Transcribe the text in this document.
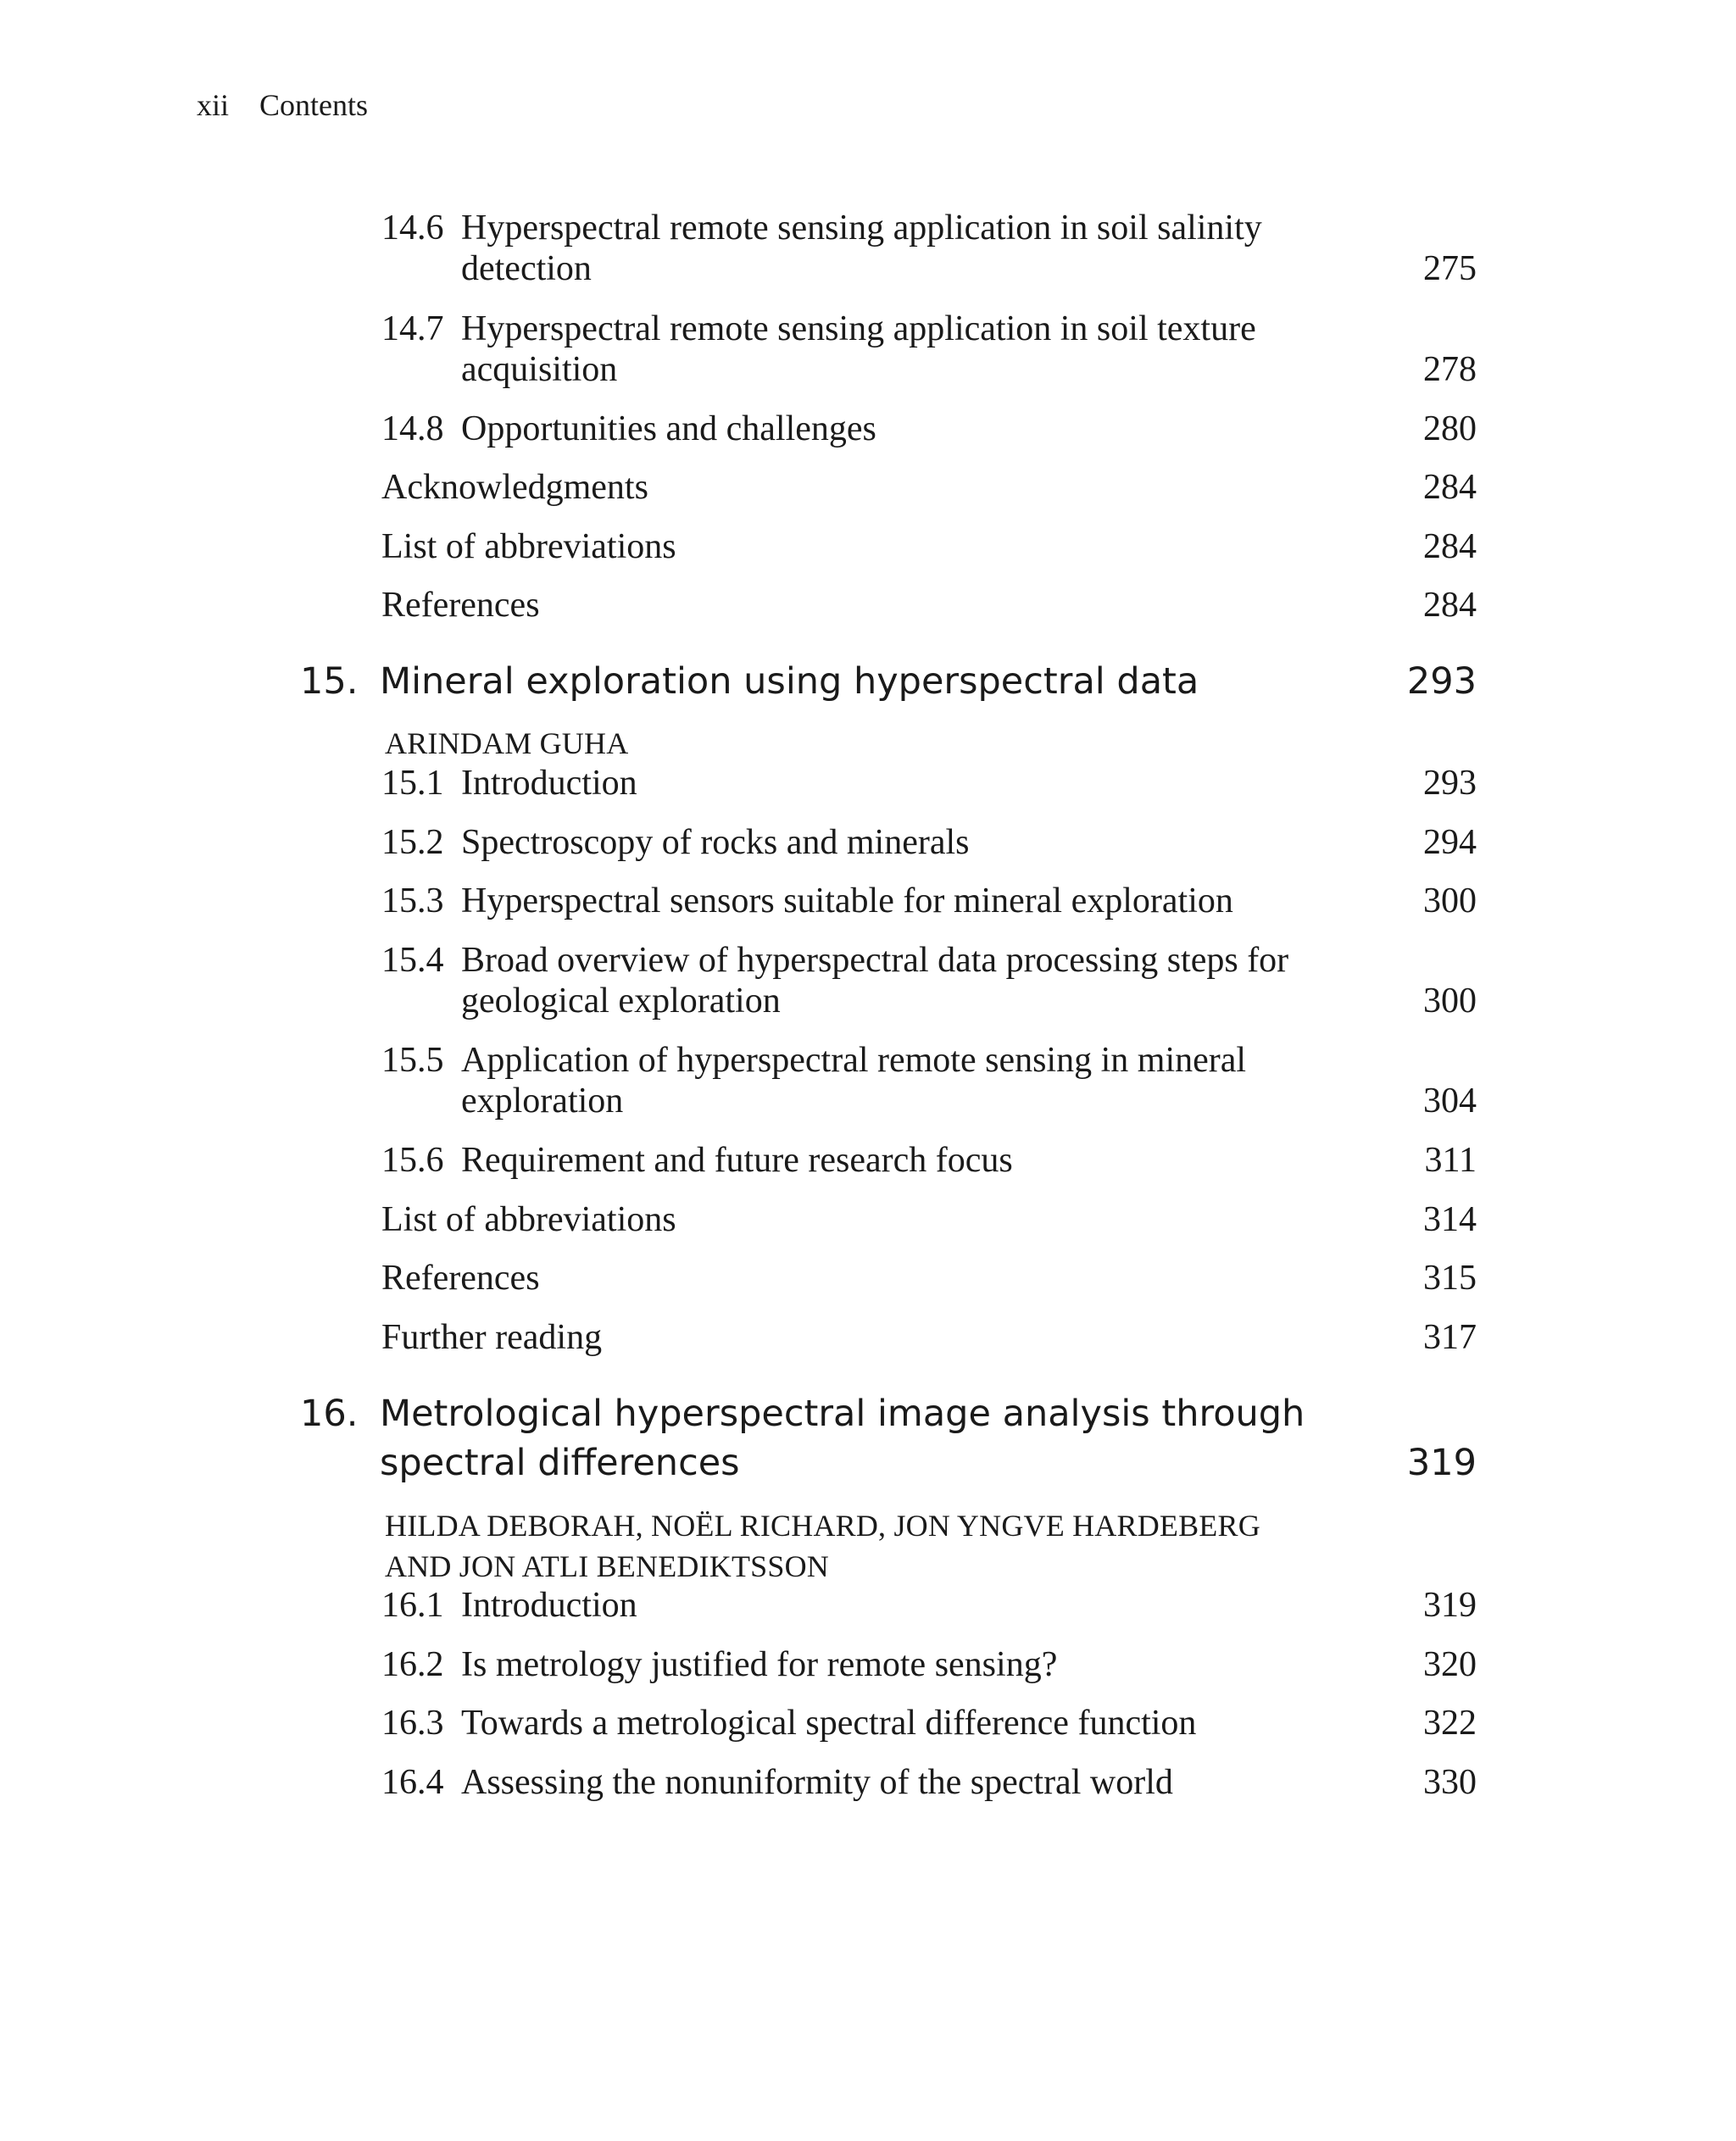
xii Contents
14.6 Hyperspectral remote sensing application in soil salinity detection	275
14.7 Hyperspectral remote sensing application in soil texture acquisition	278
14.8 Opportunities and challenges	280
Acknowledgments	284
List of abbreviations	284
References	284
15. Mineral exploration using hyperspectral data	293
ARINDAM GUHA
15.1 Introduction	293
15.2 Spectroscopy of rocks and minerals	294
15.3 Hyperspectral sensors suitable for mineral exploration	300
15.4 Broad overview of hyperspectral data processing steps for geological exploration	300
15.5 Application of hyperspectral remote sensing in mineral exploration	304
15.6 Requirement and future research focus	311
List of abbreviations	314
References	315
Further reading	317
16. Metrological hyperspectral image analysis through spectral differences	319
HILDA DEBORAH, NOËL RICHARD, JON YNGVE HARDEBERG
AND JON ATLI BENEDIKTSSON
16.1 Introduction	319
16.2 Is metrology justified for remote sensing?	320
16.3 Towards a metrological spectral difference function	322
16.4 Assessing the nonuniformity of the spectral world	330
